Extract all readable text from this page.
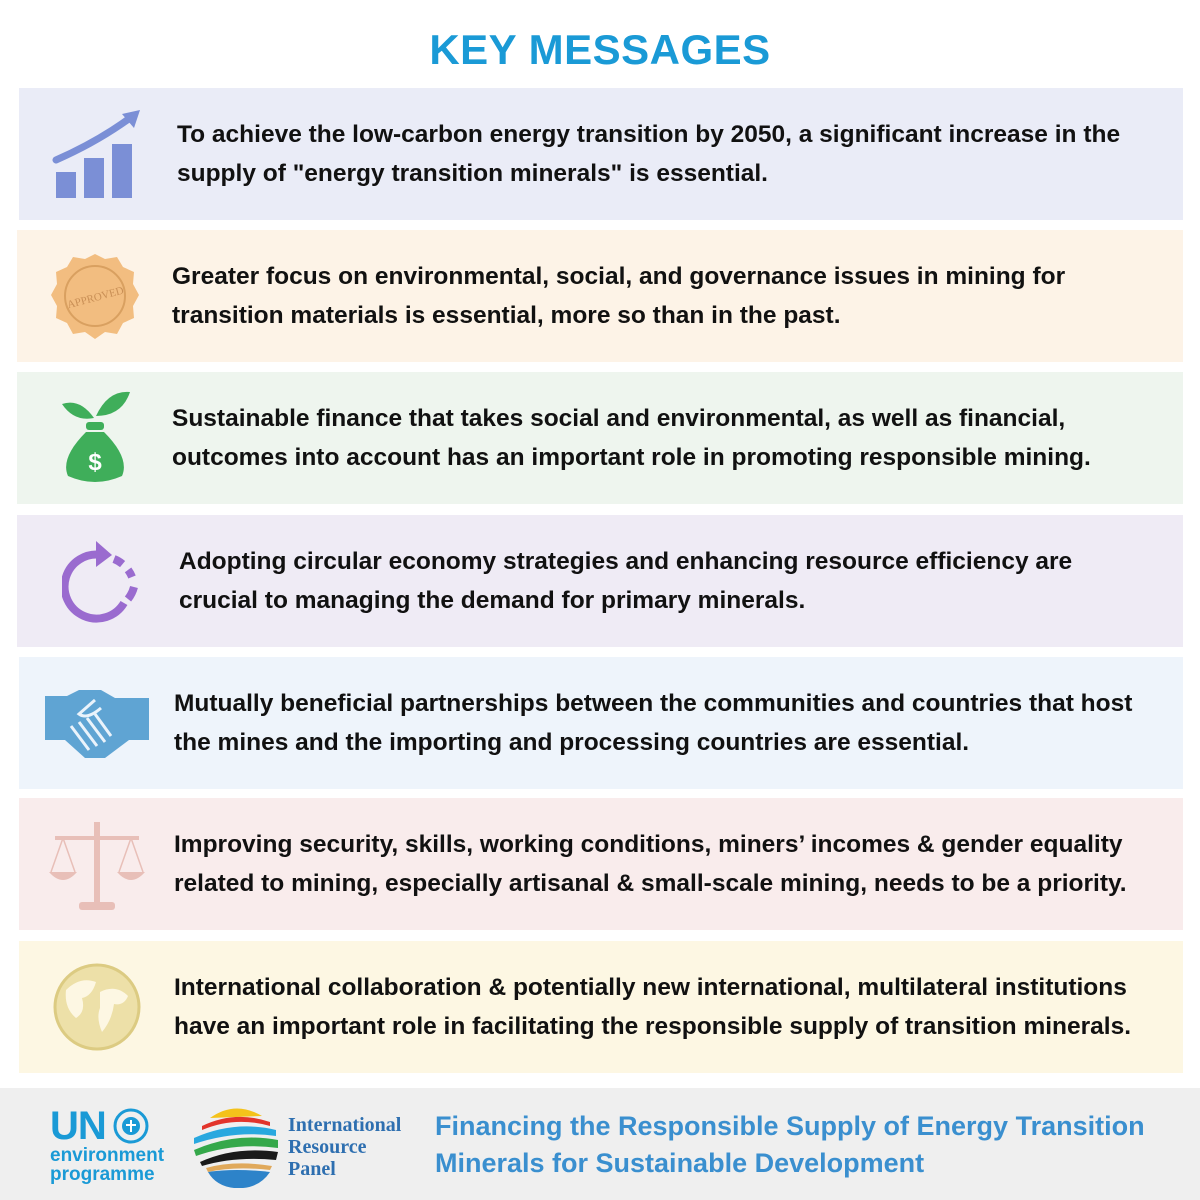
KEY MESSAGES
To achieve the low-carbon energy transition by 2050, a significant increase in the supply of "energy transition minerals" is essential.
APPROVED
Greater focus on environmental, social, and governance issues in mining for transition materials is essential, more so than in the past.
$
Sustainable finance that takes social and environmental, as well as financial, outcomes into account has an important role in promoting responsible mining.
Adopting circular economy strategies and enhancing resource efficiency are crucial to managing the demand for primary minerals.
Mutually beneficial partnerships between the communities and countries that host the mines and the importing and processing countries are essential.
Improving security, skills, working conditions, miners’ incomes & gender equality related to mining, especially artisanal & small-scale mining, needs to be a priority.
International collaboration & potentially new international, multilateral institutions have an important role in facilitating the responsible supply of transition minerals.
UN
environment
programme
International
Resource
Panel
Financing the Responsible Supply of Energy Transition
Minerals for Sustainable Development
